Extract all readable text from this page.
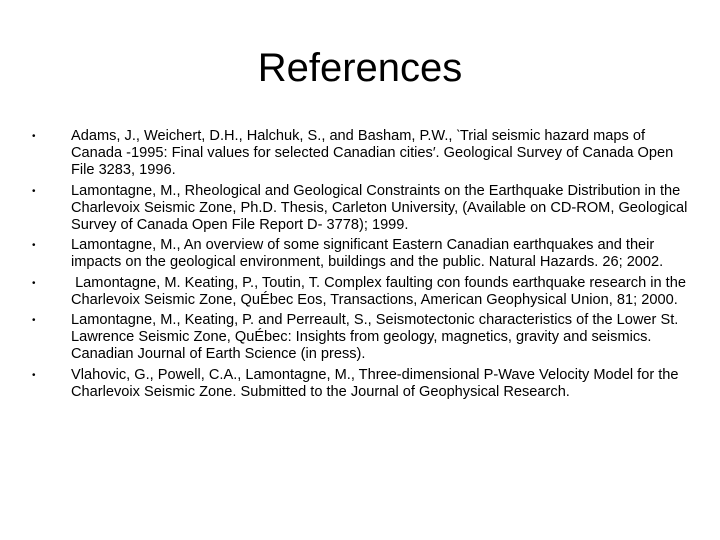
References
•	Adams, J., Weichert, D.H., Halchuk, S., and Basham, P.W., ‵Trial seismic hazard maps of Canada -1995: Final values for selected Canadian cities′. Geological Survey of Canada Open File 3283, 1996.
•	Lamontagne, M., Rheological and Geological Constraints on the Earthquake Distribution in the Charlevoix Seismic Zone, Ph.D. Thesis, Carleton University, (Available on CD-ROM, Geological Survey of Canada Open File Report D- 3778); 1999.
•	Lamontagne, M., An overview of some significant Eastern Canadian earthquakes and their impacts on the geological environment, buildings and the public. Natural Hazards. 26; 2002.
•	Lamontagne, M. Keating, P., Toutin, T. Complex faulting con founds earthquake research in the Charlevoix Seismic Zone, QuÉbec Eos, Transactions, American Geophysical Union, 81; 2000.
•	Lamontagne, M., Keating, P. and Perreault, S., Seismotectonic characteristics of the Lower St. Lawrence Seismic Zone, QuÉbec: Insights from geology, magnetics, gravity and seismics. Canadian Journal of Earth Science (in press).
•	Vlahovic, G., Powell, C.A., Lamontagne, M., Three-dimensional P-Wave Velocity Model for the Charlevoix Seismic Zone. Submitted to the Journal of Geophysical Research.
